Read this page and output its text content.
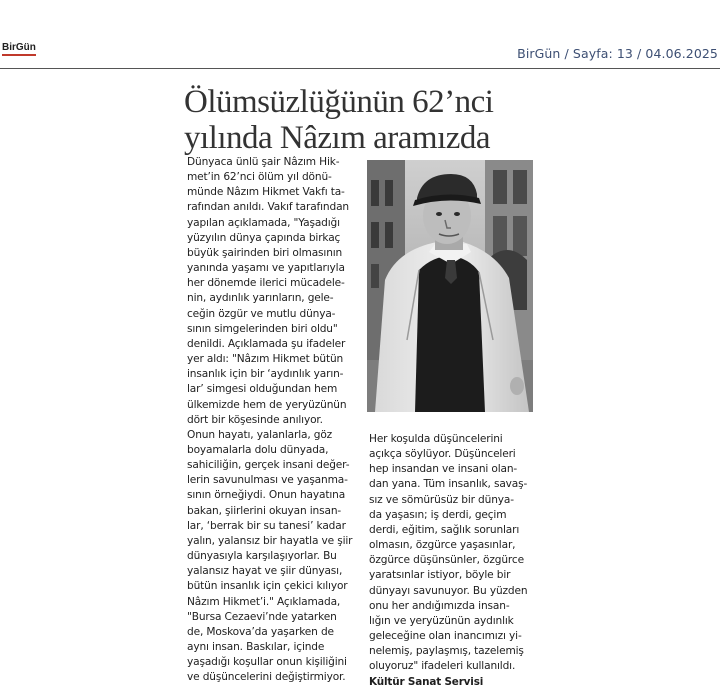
BirGün	BirGün / Sayfa: 13 / 04.06.2025
Ölümsüzlüğünün 62’nci
yılında Nâzım aramızda
Dünyaca ünlü şair Nâzım Hik-
met’in 62’nci ölüm yıl dönü-
münde Nâzım Hikmet Vakfı ta-
rafından anıldı. Vakıf tarafından
yapılan açıklamada, "Yaşadığı
yüzyılın dünya çapında birkaç
büyük şairinden biri olmasının
yanında yaşamı ve yapıtlarıyla
her dönemde ilerici mücadele-
nin, aydınlık yarınların, gele-
ceğin özgür ve mutlu dünya-
sının simgelerinden biri oldu"
denildi. Açıklamada şu ifadeler
yer aldı: "Nâzım Hikmet bütün
insanlık için bir ‘aydınlık yarın-
lar’ simgesi olduğundan hem
ülkemizde hem de yeryüzünün
dört bir köşesinde anılıyor.
Onun hayatı, yalanlarla, göz
boyamalarla dolu dünyada,
sahiciliğin, gerçek insani değer-
lerin savunulması ve yaşanma-
sının örneğiydi. Onun hayatına
bakan, şiirlerini okuyan insan-
lar, ‘berrak bir su tanesi’ kadar
yalın, yalansız bir hayatla ve şiir
dünyasıyla karşılaşıyorlar. Bu
yalansız hayat ve şiir dünyası,
bütün insanlık için çekici kılıyor
Nâzım Hikmet’i." Açıklamada,
"Bursa Cezaevi’nde yatarken
de, Moskova’da yaşarken de
aynı insan. Baskılar, içinde
yaşadığı koşullar onun kişiliğini
ve düşüncelerini değiştirmiyor.
Her koşulda düşüncelerini
açıkça söylüyor. Düşünceleri
hep insandan ve insani olan-
dan yana. Tüm insanlık, savaş-
sız ve sömürüsüz bir dünya-
da yaşasın; iş derdi, geçim
derdi, eğitim, sağlık sorunları
olmasın, özgürce yaşasınlar,
özgürce düşünsünler, özgürce
yaratsınlar istiyor, böyle bir
dünyayı savunuyor. Bu yüzden
onu her andığımızda insan-
lığın ve yeryüzünün aydınlık
geleceğine olan inancımızı yi-
nelemiş, paylaşmış, tazelemiş
oluyoruz" ifadeleri kullanıldı.
Kültür Sanat Servisi
